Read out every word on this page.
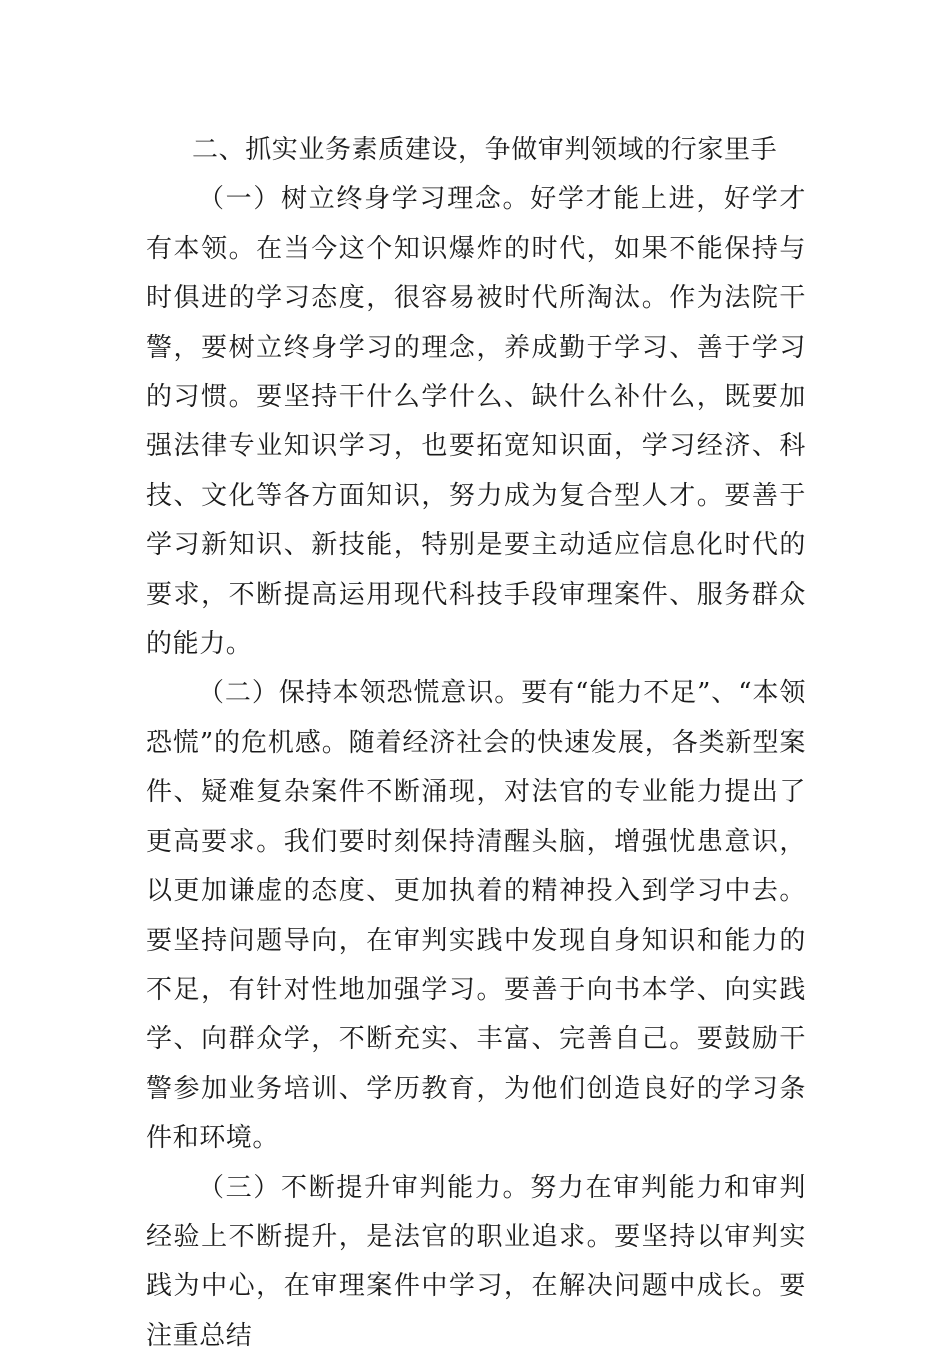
二、抓实业务素质建设，争做审判领域的行家里手

（一）树立终身学习理念。好学才能上进，好学才有本领。在当今这个知识爆炸的时代，如果不能保持与时俱进的学习态度，很容易被时代所淘汰。作为法院干警，要树立终身学习的理念，养成勤于学习、善于学习的习惯。要坚持干什么学什么、缺什么补什么，既要加强法律专业知识学习，也要拓宽知识面，学习经济、科技、文化等各方面知识，努力成为复合型人才。要善于学习新知识、新技能，特别是要主动适应信息化时代的要求，不断提高运用现代科技手段审理案件、服务群众的能力。

（二）保持本领恐慌意识。要有“能力不足”、“本领恐慌”的危机感。随着经济社会的快速发展，各类新型案件、疑难复杂案件不断涌现，对法官的专业能力提出了更高要求。我们要时刻保持清醒头脑，增强忧患意识，以更加谦虚的态度、更加执着的精神投入到学习中去。要坚持问题导向，在审判实践中发现自身知识和能力的不足，有针对性地加强学习。要善于向书本学、向实践学、向群众学，不断充实、丰富、完善自己。要鼓励干警参加业务培训、学历教育，为他们创造良好的学习条件和环境。

（三）不断提升审判能力。努力在审判能力和审判经验上不断提升，是法官的职业追求。要坚持以审判实践为中心，在审理案件中学习，在解决问题中成长。要注重总结
